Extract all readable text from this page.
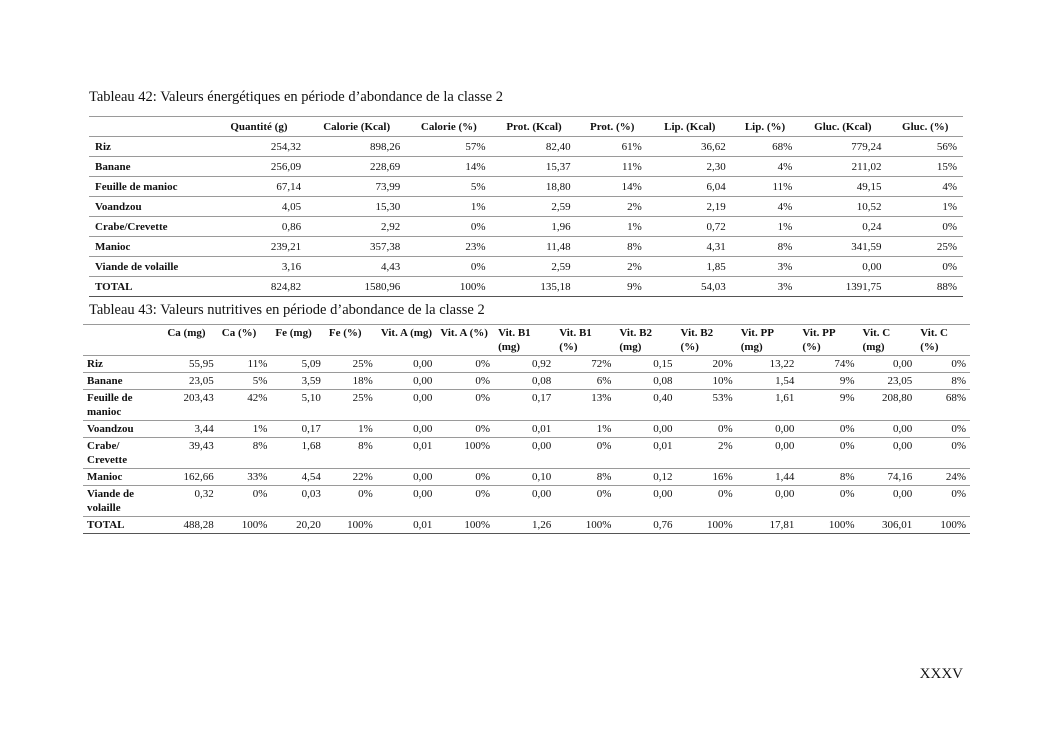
Tableau 42: Valeurs énergétiques en période d’abondance de la classe 2
	Quantité (g)	Calorie (Kcal)	Calorie (%)	Prot. (Kcal)	Prot. (%)	Lip. (Kcal)	Lip. (%)	Gluc. (Kcal)	Gluc. (%)
Riz	254,32	898,26	57%	82,40	61%	36,62	68%	779,24	56%
Banane	256,09	228,69	14%	15,37	11%	2,30	4%	211,02	15%
Feuille de manioc	67,14	73,99	5%	18,80	14%	6,04	11%	49,15	4%
Voandzou	4,05	15,30	1%	2,59	2%	2,19	4%	10,52	1%
Crabe/Crevette	0,86	2,92	0%	1,96	1%	0,72	1%	0,24	0%
Manioc	239,21	357,38	23%	11,48	8%	4,31	8%	341,59	25%
Viande de volaille	3,16	4,43	0%	2,59	2%	1,85	3%	0,00	0%
TOTAL	824,82	1580,96	100%	135,18	9%	54,03	3%	1391,75	88%
Tableau 43: Valeurs nutritives en période d’abondance de la classe 2
	Ca (mg)	Ca (%)	Fe (mg)	Fe (%)	Vit. A (mg)	Vit. A (%)	Vit. B1 (mg)	Vit. B1 (%)	Vit. B2 (mg)	Vit. B2 (%)	Vit. PP (mg)	Vit. PP (%)	Vit. C (mg)	Vit. C (%)
Riz	55,95	11%	5,09	25%	0,00	0%	0,92	72%	0,15	20%	13,22	74%	0,00	0%
Banane	23,05	5%	3,59	18%	0,00	0%	0,08	6%	0,08	10%	1,54	9%	23,05	8%
Feuille de manioc	203,43	42%	5,10	25%	0,00	0%	0,17	13%	0,40	53%	1,61	9%	208,80	68%
Voandzou	3,44	1%	0,17	1%	0,00	0%	0,01	1%	0,00	0%	0,00	0%	0,00	0%
Crabe/ Crevette	39,43	8%	1,68	8%	0,01	100%	0,00	0%	0,01	2%	0,00	0%	0,00	0%
Manioc	162,66	33%	4,54	22%	0,00	0%	0,10	8%	0,12	16%	1,44	8%	74,16	24%
Viande de volaille	0,32	0%	0,03	0%	0,00	0%	0,00	0%	0,00	0%	0,00	0%	0,00	0%
TOTAL	488,28	100%	20,20	100%	0,01	100%	1,26	100%	0,76	100%	17,81	100%	306,01	100%
XXXV
